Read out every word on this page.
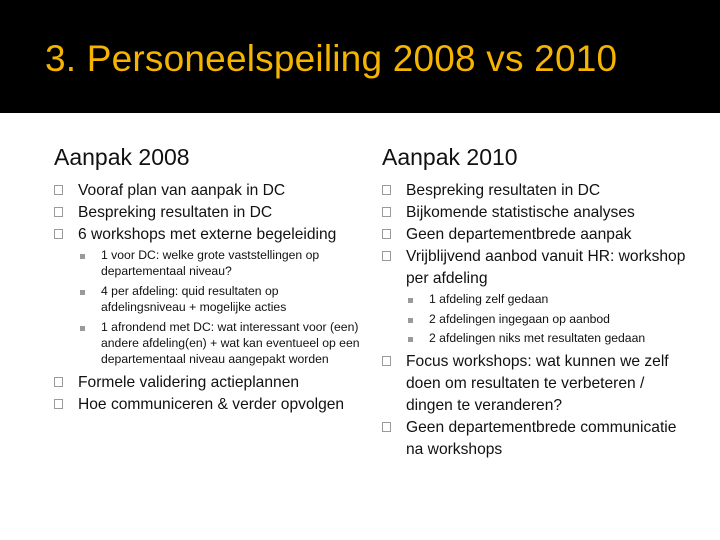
3. Personeelspeiling 2008 vs 2010
Aanpak 2008
Vooraf plan van aanpak in DC
Bespreking resultaten in DC
6 workshops met externe begeleiding
1 voor DC: welke grote vaststellingen op departementaal niveau?
4 per afdeling: quid resultaten op afdelingsniveau + mogelijke acties
1 afrondend met DC: wat interessant voor (een) andere afdeling(en) + wat kan eventueel op een departementaal niveau aangepakt worden
Formele validering actieplannen
Hoe communiceren & verder opvolgen
Aanpak 2010
Bespreking resultaten in DC
Bijkomende statistische analyses
Geen departementbrede aanpak
Vrijblijvend aanbod vanuit HR: workshop per afdeling
1 afdeling zelf gedaan
2 afdelingen ingegaan op aanbod
2 afdelingen niks met resultaten gedaan
Focus workshops: wat kunnen we zelf doen om resultaten te verbeteren / dingen te veranderen?
Geen departementbrede communicatie na workshops
